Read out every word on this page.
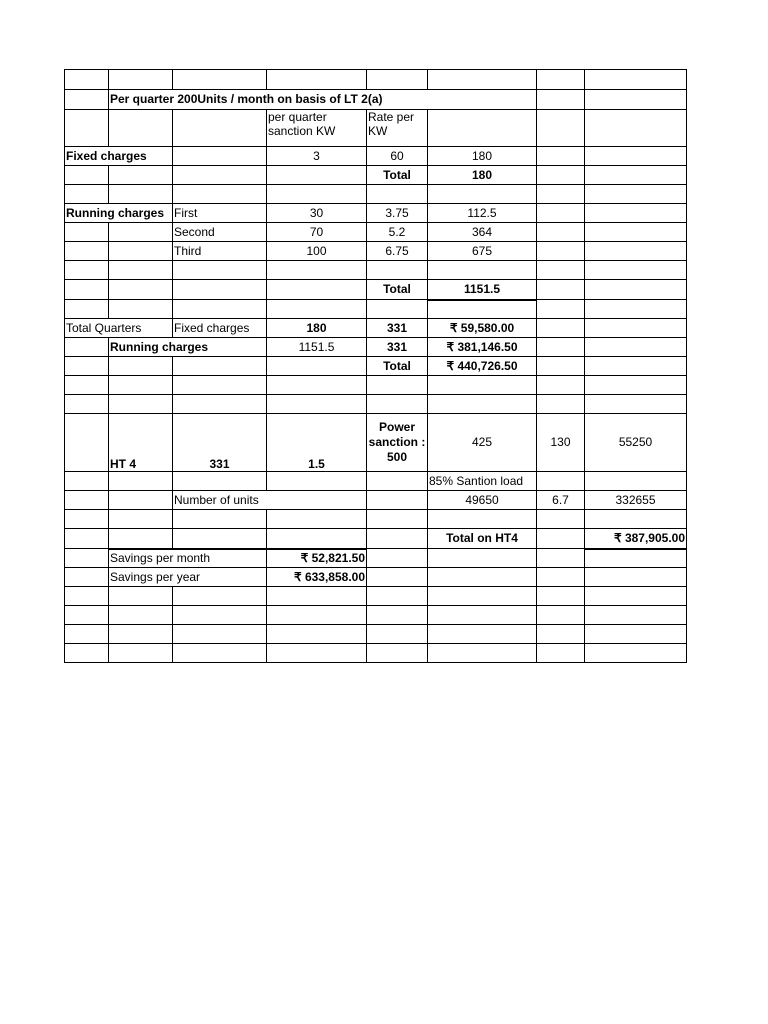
	Per quarter 200Units / month on basis of LT 2(a)						
			per quarter sanction KW	Rate per KW			
Fixed charges			3	60	180		
				Total	180		

Running charges		First	30	3.75	112.5		
		Second	70	5.2	364		
		Third	100	6.75	675		

				Total	1151.5		

Total Quarters		Fixed charges	180	331	₹ 59,580.00		
	Running charges		1151.5	331	₹ 381,146.50		
				Total	₹ 440,726.50		

	HT 4	331	1.5	Power sanction : 500	425	130	55250
					85% Santion load		
		Number of units			49650	6.7	332655

					Total on HT4		₹ 387,905.00
	Savings per month		₹ 52,821.50				
	Savings per year		₹ 633,858.00				
